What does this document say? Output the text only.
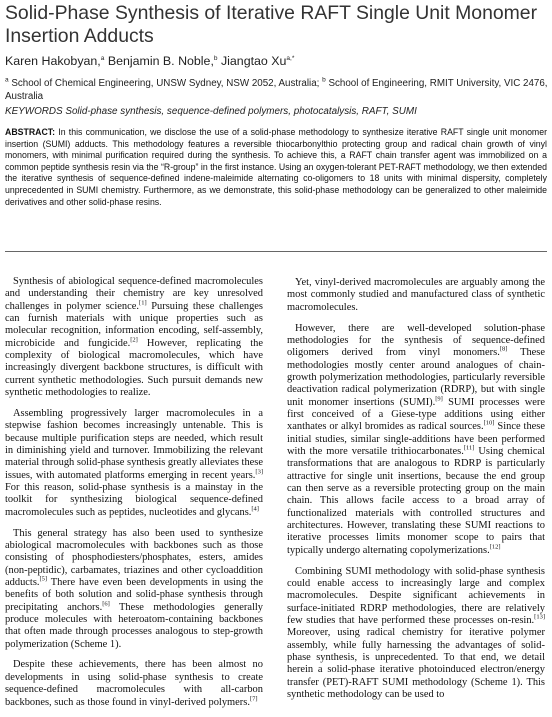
Solid-Phase Synthesis of Iterative RAFT Single Unit Monomer Insertion Adducts
Karen Hakobyan,$^a$ Benjamin B. Noble,$^b$ Jiangtao $Xu^{a,*}$
$^a$ School of Chemical Engineering, UNSW Sydney, NSW 2052, Australia; $^b$ School of Engineering, RMIT University, VIC 2476, Australia
KEYWORDS Solid-phase synthesis, sequence-defined polymers, photocatalysis, RAFT, SUMI
ABSTRACT: In this communication, we disclose the use of a solid-phase methodology to synthesize iterative RAFT single unit monomer insertion (SUMI) adducts. This methodology features a reversible thiocarbonylthio protecting group and radical chain growth of vinyl monomers, with minimal purification required during the synthesis. To achieve this, a RAFT chain transfer agent was immobilized on a common peptide synthesis resin via the “R-group” in the first instance. Using an oxygen-tolerant PET-RAFT methodology, we then extended the iterative synthesis of sequence-defined indene-maleimide alternating co-oligomers to 18 units with minimal dispersity, completely unprecedented in SUMI chemistry. Furthermore, as we demonstrate, this solid-phase methodology can be generalized to other maleimide derivatives and other solid-phase resins.

Synthesis of abiological sequence-defined macromolecules and understanding their chemistry are key unresolved challenges in polymer science.[1] Pursuing these challenges can furnish materials with unique properties such as molecular recognition, information encoding, self-assembly, microbicide and fungicide.[2] However, replicating the complexity of biological macromolecules, which have increasingly divergent backbone structures, is difficult with current synthetic methodologies. Such pursuit demands new synthetic methodologies to realize.

Assembling progressively larger macromolecules in a stepwise fashion becomes increasingly untenable. This is because multiple purification steps are needed, which result in diminishing yield and turnover. Immobilizing the relevant material through solid-phase synthesis greatly alleviates these issues, with automated platforms emerging in recent years.[3] For this reason, solid-phase synthesis is a mainstay in the toolkit for synthesizing biological sequence-defined macromolecules such as peptides, nucleotides and glycans.[4]

This general strategy has also been used to synthesize abiological macromolecules with backbones such as those consisting of phosphodiesters/phosphates, esters, amides (non-peptidic), carbamates, triazines and other cycloaddition adducts.[5] There have even been developments in using the benefits of both solution and solid-phase synthesis through precipitating anchors.[6] These methodologies generally produce molecules with heteroatom-containing backbones that often made through processes analogous to step-growth polymerization (Scheme 1).

Despite these achievements, there has been almost no developments in using solid-phase synthesis to create sequence-defined macromolecules with all-carbon backbones, such as those found in vinyl-derived polymers.[7]

Yet, vinyl-derived macromolecules are arguably among the most commonly studied and manufactured class of synthetic macromolecules.

However, there are well-developed solution-phase methodologies for the synthesis of sequence-defined oligomers derived from vinyl monomers.[8] These methodologies mostly center around analogues of chain-growth polymerization methodologies, particularly reversible deactivation radical polymerization (RDRP), but with single unit monomer insertions (SUMI).[9] SUMI processes were first conceived of a Giese-type additions using either xanthates or alkyl bromides as radical sources.[10] Since these initial studies, similar single-additions have been performed with the more versatile trithiocarbonates.[11] Using chemical transformations that are analogous to RDRP is particularly attractive for single unit insertions, because the end group can then serve as a reversible protecting group on the main chain. This allows facile access to a broad array of functionalized materials with controlled structures and architectures. However, translating these SUMI reactions to iterative processes limits monomer scope to pairs that typically undergo alternating copolymerizations.[12]

Combining SUMI methodology with solid-phase synthesis could enable access to increasingly large and complex macromolecules. Despite significant achievements in surface-initiated RDRP methodologies, there are relatively few studies that have performed these processes on-resin.[13] Moreover, using radical chemistry for iterative polymer assembly, while fully harnessing the advantages of solid-phase synthesis, is unprecedented. To that end, we detail herein a solid-phase iterative photoinduced electron/energy transfer (PET)-RAFT SUMI methodology (Scheme 1). This synthetic methodology can be used to
